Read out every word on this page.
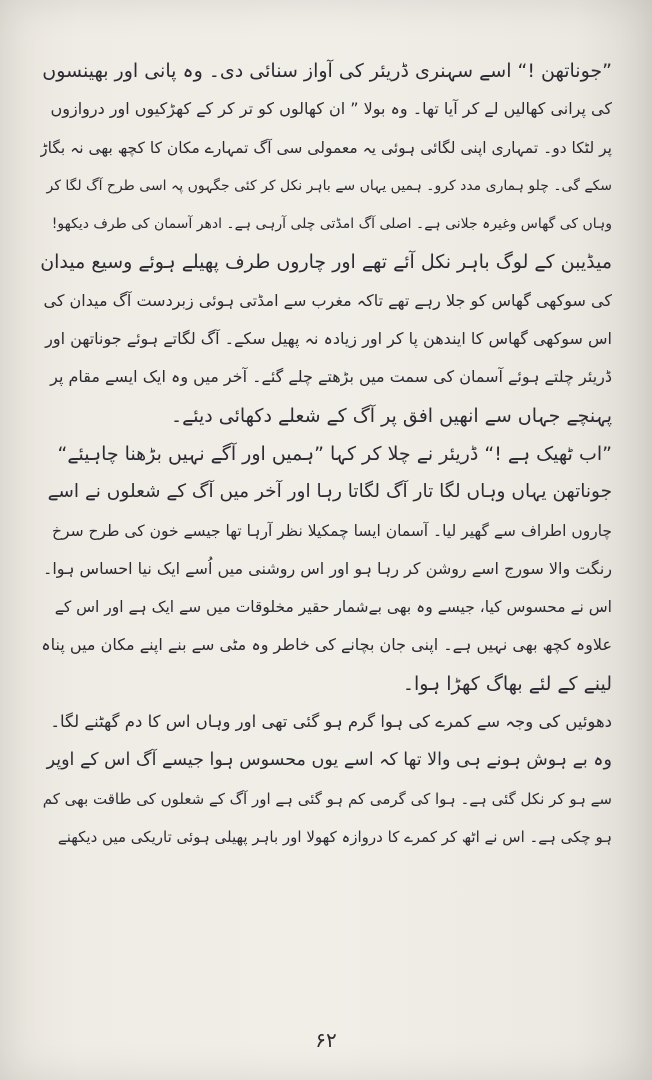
”جوناتھن !“ اسے سہنری ڈریئر کی آواز سنائی دی۔ وہ پانی اور بھینسوں
کی پرانی کھالیں لے کر آیا تھا۔ وہ بولا ” ان کھالوں کو تر کر کے کھڑکیوں اور دروازوں
پر لٹکا دو۔ تمہاری اپنی لگائی ہوئی یہ معمولی سی آگ تمہارے مکان کا کچھ بھی نہ بگاڑ
سکے گی۔ چلو ہماری مدد کرو۔ ہمیں یہاں سے باہر نکل کر کئی جگہوں پہ اسی طرح آگ لگا کر
وہاں کی گھاس وغیرہ جلانی ہے۔ اصلی آگ امڈتی چلی آرہی ہے۔ ادھر آسمان کی طرف دیکھو!
میڈیبن کے لوگ باہر نکل آئے تھے اور چاروں طرف پھیلے ہوئے وسیع میدان
کی سوکھی گھاس کو جلا رہے تھے تاکہ مغرب سے امڈتی ہوئی زبردست آگ میدان کی
اس سوکھی گھاس کا ایندھن پا کر اور زیادہ نہ پھیل سکے۔ آگ لگاتے ہوئے جوناتھن اور
ڈریئر چلتے ہوئے آسمان کی سمت میں بڑھتے چلے گئے۔ آخر میں وہ ایک ایسے مقام پر
پہنچے جہاں سے انھیں افق پر آگ کے شعلے دکھائی دیئے۔
”اب ٹھیک ہے !“ ڈریئر نے چلا کر کہا ”ہمیں اور آگے نہیں بڑھنا چاہیئے“
جوناتھن یہاں وہاں لگا تار آگ لگاتا رہا اور آخر میں آگ کے شعلوں نے اسے
چاروں اطراف سے گھیر لیا۔ آسمان ایسا چمکیلا نظر آرہا تھا جیسے خون کی طرح سرخ
رنگت والا سورج اسے روشن کر رہا ہو اور اس روشنی میں اُسے ایک نیا احساس ہوا۔
اس نے محسوس کیا، جیسے وہ بھی بےشمار حقیر مخلوقات میں سے ایک ہے اور اس کے
علاوہ کچھ بھی نہیں ہے۔ اپنی جان بچانے کی خاطر وہ مٹی سے بنے اپنے مکان میں پناہ
لینے کے لئے بھاگ کھڑا ہوا۔
دھوئیں کی وجہ سے کمرے کی ہوا گرم ہو گئی تھی اور وہاں اس کا دم گھٹنے لگا۔
وہ بے ہوش ہونے ہی والا تھا کہ اسے یوں محسوس ہوا جیسے آگ اس کے اوپر
سے ہو کر نکل گئی ہے۔ ہوا کی گرمی کم ہو گئی ہے اور آگ کے شعلوں کی طاقت بھی کم
ہو چکی ہے۔ اس نے اٹھ کر کمرے کا دروازہ کھولا اور باہر پھیلی ہوئی تاریکی میں دیکھنے
۶۲
